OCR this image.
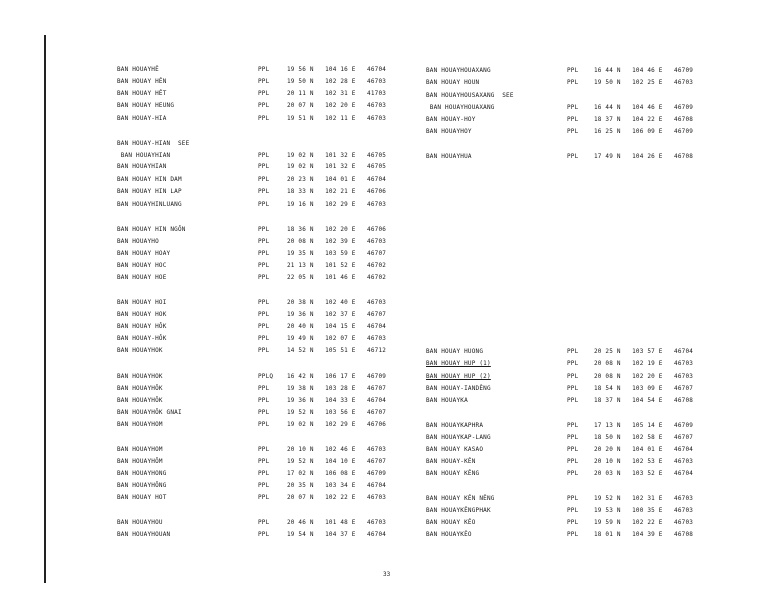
BAN HOUAYHÊ	PPL	19 56 N   104 16 E   46704
BAN HOUAY HÊN	PPL	19 50 N   102 28 E   46703
BAN HOUAY HÊT	PPL	20 11 N   102 31 E   41703
BAN HOUAY HEUNG	PPL	20 07 N   102 20 E   46703
BAN HOUAY-HIA	PPL	19 51 N   102 11 E   46703
BAN HOUAY-HIAN  SEE
BAN HOUAYHIAN	PPL	19 02 N   101 32 E   46705
BAN HOUAYHIAN	PPL	19 02 N   101 32 E   46705
BAN HOUAY HIN DAM	PPL	20 23 N   104 01 E   46704
BAN HOUAY HIN LAP	PPL	18 33 N   102 21 E   46706
BAN HOUAYHINLUANG	PPL	19 16 N   102 29 E   46703
BAN HOUAY HIN NGÔN	PPL	18 36 N   102 20 E   46706
BAN HOUAYHO	PPL	20 08 N   102 39 E   46703
BAN HOUAY HOAY	PPL	19 35 N   103 59 E   46707
BAN HOUAY HOC	PPL	21 13 N   101 52 E   46702
BAN HOUAY HOE	PPL	22 05 N   101 46 E   46702
BAN HOUAY HOI	PPL	20 38 N   102 40 E   46703
BAN HOUAY HOK	PPL	19 36 N   102 37 E   46707
BAN HOUAY HÔK	PPL	20 40 N   104 15 E   46704
BAN HOUAY-HÔK	PPL	19 49 N   102 07 E   46703
BAN HOUAYHOK	PPL	14 52 N   105 51 E   46712
BAN HOUAYHOK	PPLQ 16 42 N   106 17 E   46709
BAN HOUAYHÔK	PPL	19 38 N   103 28 E   46707
BAN HOUAYHÔK	PPL	19 36 N   104 33 E   46704
BAN HOUAYHÔK GNAI	PPL	19 52 N   103 56 E   46707
BAN HOUAYHOM	PPL	19 02 N   102 29 E   46706
BAN HOUAYHOM	PPL	20 10 N   102 46 E   46703
BAN HOUAYHÔM	PPL	19 52 N   104 10 E   46707
BAN HOUAYHONG	PPL	17 02 N   106 08 E   46709
BAN HOUAYHÔNG	PPL	20 35 N   103 34 E   46704
BAN HOUAY HOT	PPL	20 07 N   102 22 E   46703
BAN HOUAYHOU	PPL	20 46 N   101 48 E   46703
BAN HOUAYHOUAN	PPL	19 54 N   104 37 E   46704
BAN HOUAYHOUAXANG	PPL	16 44 N   104 46 E   46709
BAN HOUAY HOUN	PPL	19 50 N   102 25 E   46703
BAN HOUAYHOUSAXANG  SEE
BAN HOUAYHOUAXANG	PPL	16 44 N   104 46 E   46709
BAN HOUAY-HOY	PPL	18 37 N   104 22 E   46708
BAN HOUAYHOY	PPL	16 25 N   106 09 E   46709
BAN HOUAYHUA	PPL	17 49 N   104 26 E   46708
BAN HOUAY HUONG	PPL	20 25 N   103 57 E   46704
BAN HOUAY HUP (1)	PPL	20 08 N   102 19 E   46703
BAN HOUAY HUP (2)	PPL	20 08 N   102 20 E   46703
BAN HOUAY-IANDÊNG	PPL	18 54 N   103 09 E   46707
BAN HOUAYKA	PPL	18 37 N   104 54 E   46708
BAN HOUAYKAPHRA	PPL	17 13 N   105 14 E   46709
BAN HOUAYKAP-LANG	PPL	18 50 N   102 58 E   46707
BAN HOUAY KASAO	PPL	20 20 N   104 01 E   46704
BAN HOUAY-KÊN	PPL	20 10 N   102 53 E   46703
BAN HOUAY KÊNG	PPL	20 03 N   103 52 E   46704
BAN HOUAY KÊN NÊNG	PPL	19 52 N   102 31 E   46703
BAN HOUAYKÊNGPHAK	PPL	19 53 N   100 35 E   46703
BAN HOUAY KÊO	PPL	19 59 N   102 22 E   46703
BAN HOUAYKÊO	PPL	18 01 N   104 39 E   46708
33
